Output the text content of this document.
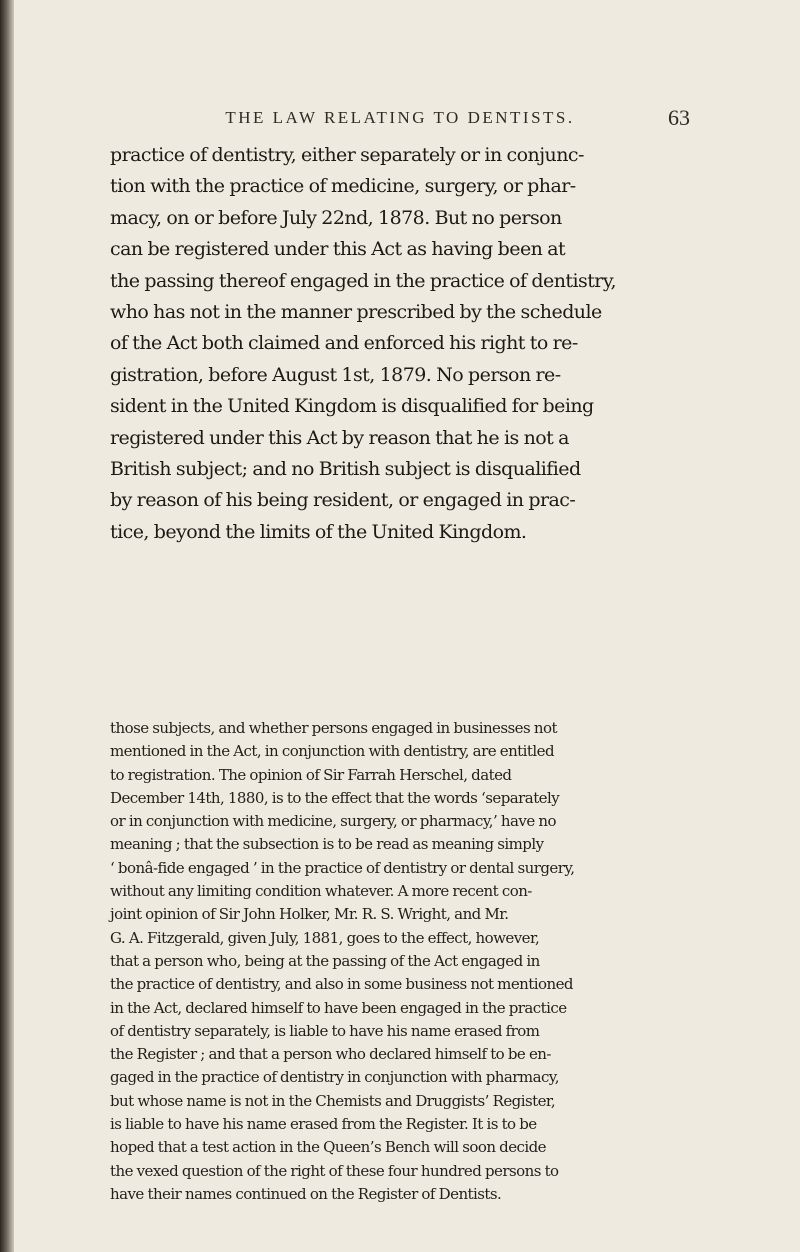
THE LAW RELATING TO DENTISTS.	63
practice of dentistry, either separately or in conjunc-
tion with the practice of medicine, surgery, or phar-
macy, on or before July 22nd, 1878. But no person
can be registered under this Act as having been at
the passing thereof engaged in the practice of dentistry,
who has not in the manner prescribed by the schedule
of the Act both claimed and enforced his right to re-
gistration, before August 1st, 1879. No person re-
sident in the United Kingdom is disqualified for being
registered under this Act by reason that he is not a
British subject; and no British subject is disqualified
by reason of his being resident, or engaged in prac-
tice, beyond the limits of the United Kingdom.
those subjects, and whether persons engaged in businesses not
mentioned in the Act, in conjunction with dentistry, are entitled
to registration. The opinion of Sir Farrah Herschel, dated
December 14th, 1880, is to the effect that the words ‘separately
or in conjunction with medicine, surgery, or pharmacy,’ have no
meaning ; that the subsection is to be read as meaning simply
‘ bonâ-fide engaged ’ in the practice of dentistry or dental surgery,
without any limiting condition whatever. A more recent con-
joint opinion of Sir John Holker, Mr. R. S. Wright, and Mr.
G. A. Fitzgerald, given July, 1881, goes to the effect, however,
that a person who, being at the passing of the Act engaged in
the practice of dentistry, and also in some business not mentioned
in the Act, declared himself to have been engaged in the practice
of dentistry separately, is liable to have his name erased from
the Register ; and that a person who declared himself to be en-
gaged in the practice of dentistry in conjunction with pharmacy,
but whose name is not in the Chemists and Druggists’ Register,
is liable to have his name erased from the Register. It is to be
hoped that a test action in the Queen’s Bench will soon decide
the vexed question of the right of these four hundred persons to
have their names continued on the Register of Dentists.
